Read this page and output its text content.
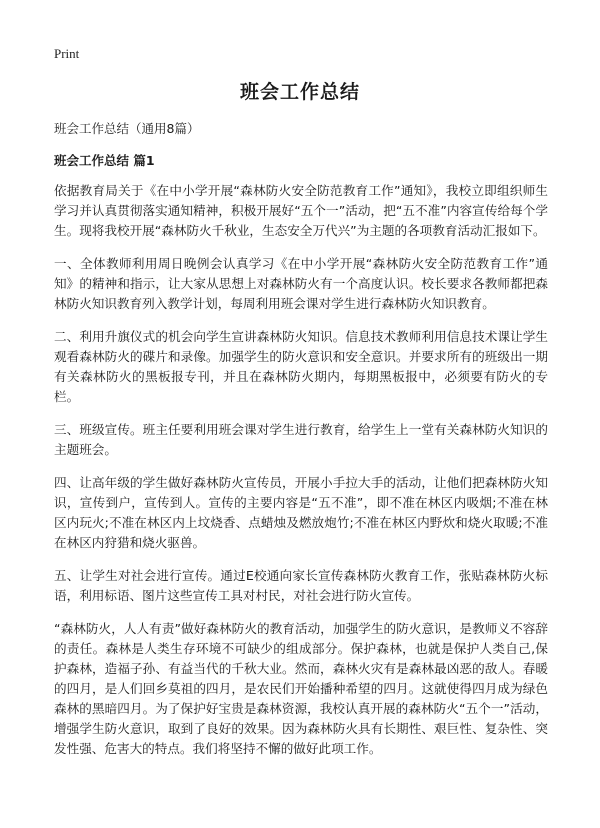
Print
班会工作总结
班会工作总结（通用8篇）
班会工作总结 篇1

依据教育局关于《在中小学开展“森林防火安全防范教育工作”通知》，我校立即组织师生学习并认真贯彻落实通知精神，积极开展好“五个一”活动，把“五不准”内容宣传给每个学生。现将我校开展“森林防火千秋业，生态安全万代兴”为主题的各项教育活动汇报如下。

一、全体教师利用周日晚例会认真学习《在中小学开展“森林防火安全防范教育工作”通知》的精神和指示，让大家从思想上对森林防火有一个高度认识。校长要求各教师都把森林防火知识教育列入教学计划，每周利用班会课对学生进行森林防火知识教育。

二、利用升旗仪式的机会向学生宣讲森林防火知识。信息技术教师利用信息技术课让学生观看森林防火的碟片和录像。加强学生的防火意识和安全意识。并要求所有的班级出一期有关森林防火的黑板报专刊，并且在森林防火期内，每期黑板报中，必须要有防火的专栏。

三、班级宣传。班主任要利用班会课对学生进行教育，给学生上一堂有关森林防火知识的主题班会。

四、让高年级的学生做好森林防火宣传员，开展小手拉大手的活动，让他们把森林防火知识，宣传到户，宣传到人。宣传的主要内容是“五不准”，即不准在林区内吸烟;不准在林区内玩火;不准在林区内上坟烧香、点蜡烛及燃放炮竹;不准在林区内野炊和烧火取暖;不准在林区内狩猎和烧火驱兽。

五、让学生对社会进行宣传。通过E校通向家长宣传森林防火教育工作，张贴森林防火标语，利用标语、图片这些宣传工具对村民，对社会进行防火宣传。

“森林防火，人人有责”做好森林防火的教育活动，加强学生的防火意识，是教师义不容辞的责任。森林是人类生存环境不可缺少的组成部分。保护森林，也就是保护人类自己,保护森林，造福子孙、有益当代的千秋大业。然而，森林火灾有是森林最凶恶的敌人。春暖的四月，是人们回乡莫祖的四月，是农民们开始播种希望的四月。这就使得四月成为绿色森林的黑暗四月。为了保护好宝贵是森林资源，我校认真开展的森林防火“五个一”活动，增强学生防火意识，取到了良好的效果。因为森林防火具有长期性、艰巨性、复杂性、突发性强、危害大的特点。我们将坚持不懈的做好此项工作。
